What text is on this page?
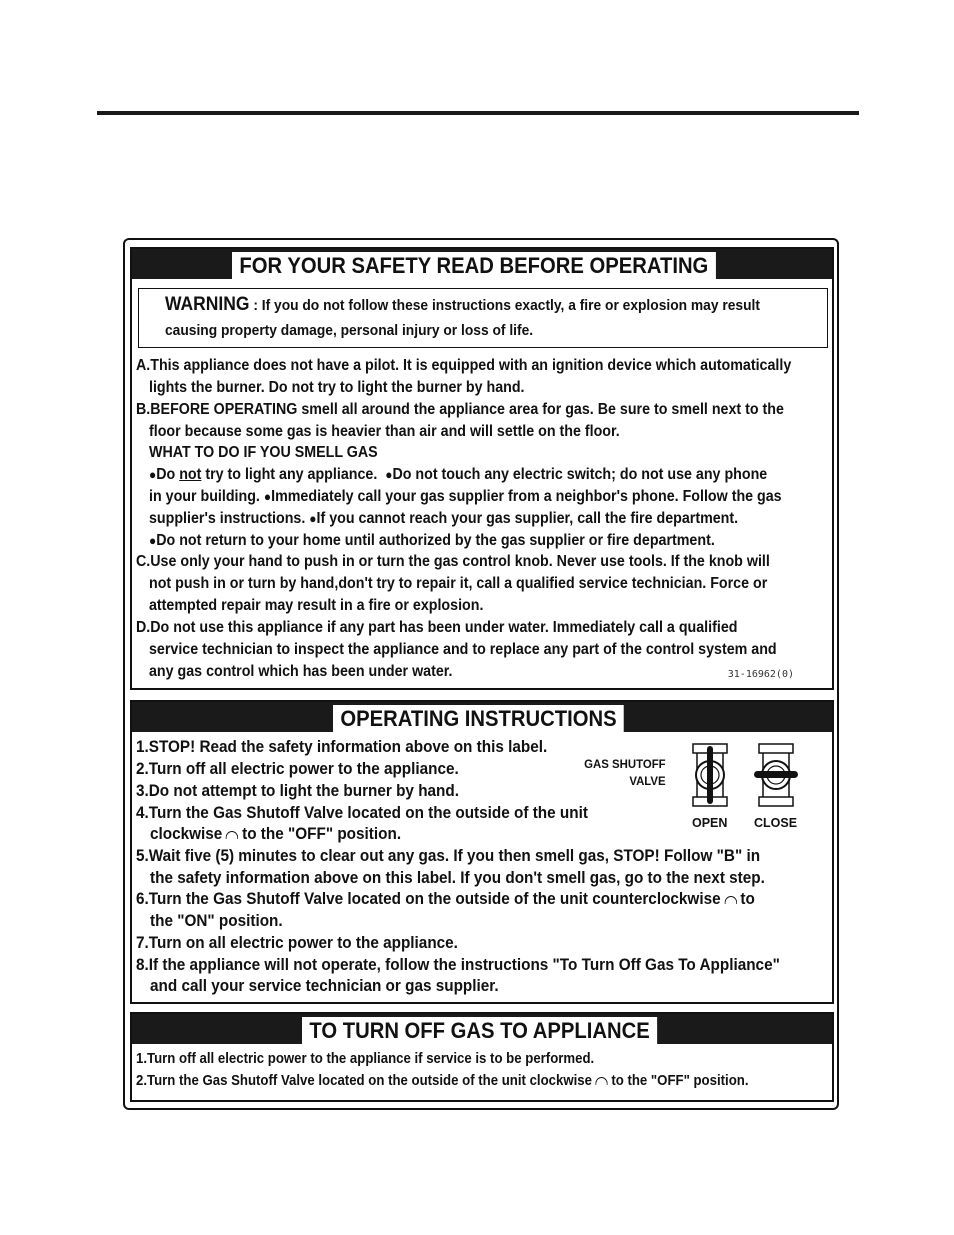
FOR YOUR SAFETY READ BEFORE OPERATING
WARNING : If you do not follow these instructions exactly, a fire or explosion may result
causing property damage, personal injury or loss of life.
A.This appliance does not have a pilot. It is equipped with an ignition device which automatically
lights the burner. Do not try to light the burner by hand.
B.BEFORE OPERATING smell all around the appliance area for gas. Be sure to smell next to the
floor because some gas is heavier than air and will settle on the floor.
WHAT TO DO IF YOU SMELL GAS
●Do not try to light any appliance. ●Do not touch any electric switch; do not use any phone
in your building. ●Immediately call your gas supplier from a neighbor's phone. Follow the gas
supplier's instructions. ●If you cannot reach your gas supplier, call the fire department.
●Do not return to your home until authorized by the gas supplier or fire department.
C.Use only your hand to push in or turn the gas control knob. Never use tools. If the knob will
not push in or turn by hand,don't try to repair it, call a qualified service technician. Force or
attempted repair may result in a fire or explosion.
D.Do not use this appliance if any part has been under water. Immediately call a qualified
service technician to inspect the appliance and to replace any part of the control system and
any gas control which has been under water.	31-16962(0)
OPERATING INSTRUCTIONS
1.STOP! Read the safety information above on this label.
2.Turn off all electric power to the appliance.
3.Do not attempt to light the burner by hand.
4.Turn the Gas Shutoff Valve located on the outside of the unit
clockwise to the "OFF" position.
5.Wait five (5) minutes to clear out any gas. If you then smell gas, STOP! Follow "B" in
the safety information above on this label. If you don't smell gas, go to the next step.
6.Turn the Gas Shutoff Valve located on the outside of the unit counterclockwise to
the "ON" position.
7.Turn on all electric power to the appliance.
8.If the appliance will not operate, follow the instructions "To Turn Off Gas To Appliance"
and call your service technician or gas supplier.
GAS SHUTOFF
VALVE
OPEN CLOSE
TO TURN OFF GAS TO APPLIANCE
1.Turn off all electric power to the appliance if service is to be performed.
2.Turn the Gas Shutoff Valve located on the outside of the unit clockwise to the "OFF" position.
